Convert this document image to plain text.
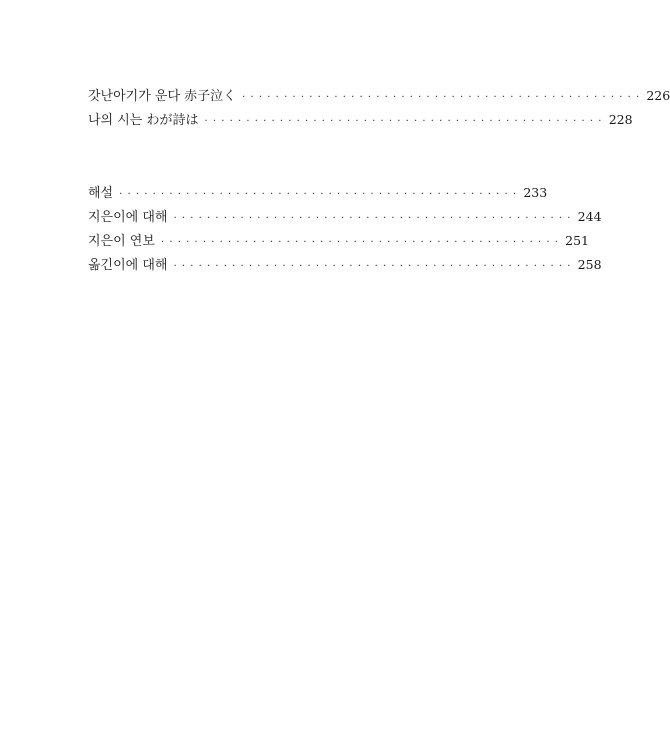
갓난아기가 운다 赤子泣く ················································ 226
나의 시는 わが詩は ················································ 228
해설 ················································ 233
지은이에 대해 ················································ 244
지은이 연보 ················································ 251
옮긴이에 대해 ················································ 258
